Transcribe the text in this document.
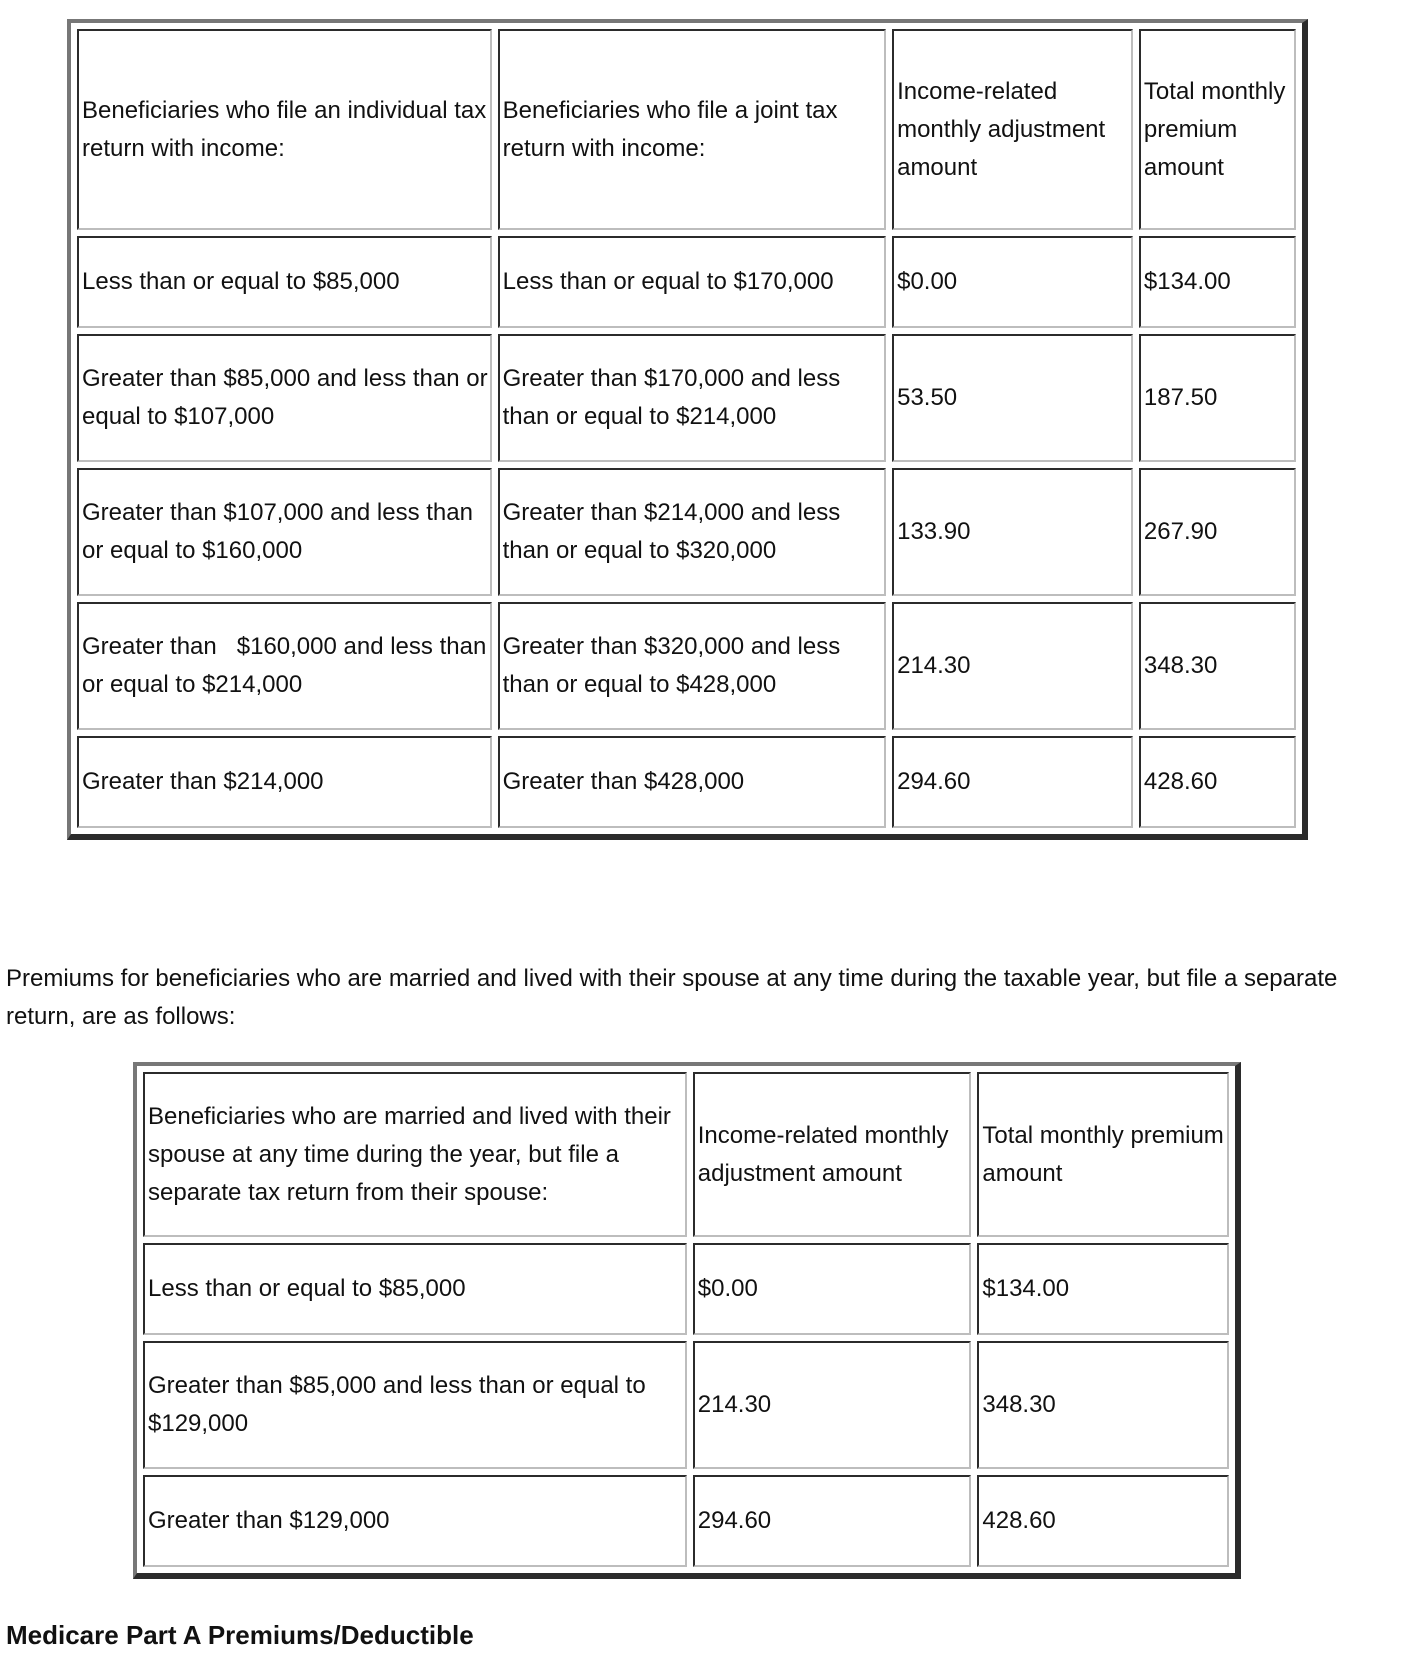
Beneficiaries who file an individual tax return with income:	Beneficiaries who file a joint tax return with income:	Income-related monthly adjustment amount	Total monthly premium amount
Less than or equal to $85,000	Less than or equal to $170,000	$0.00	$134.00
Greater than $85,000 and less than or equal to $107,000	Greater than $170,000 and less than or equal to $214,000	53.50	187.50
Greater than $107,000 and less than or equal to $160,000	Greater than $214,000 and less than or equal to $320,000	133.90	267.90
Greater than   $160,000 and less than or equal to $214,000	Greater than $320,000 and less than or equal to $428,000	214.30	348.30
Greater than $214,000	Greater than $428,000	294.60	428.60

Premiums for beneficiaries who are married and lived with their spouse at any time during the taxable year, but file a separate return, are as follows:

Beneficiaries who are married and lived with their spouse at any time during the year, but file a separate tax return from their spouse:	Income-related monthly adjustment amount	Total monthly premium amount
Less than or equal to $85,000	$0.00	$134.00
Greater than $85,000 and less than or equal to $129,000	214.30	348.30
Greater than $129,000	294.60	428.60

Medicare Part A Premiums/Deductible
